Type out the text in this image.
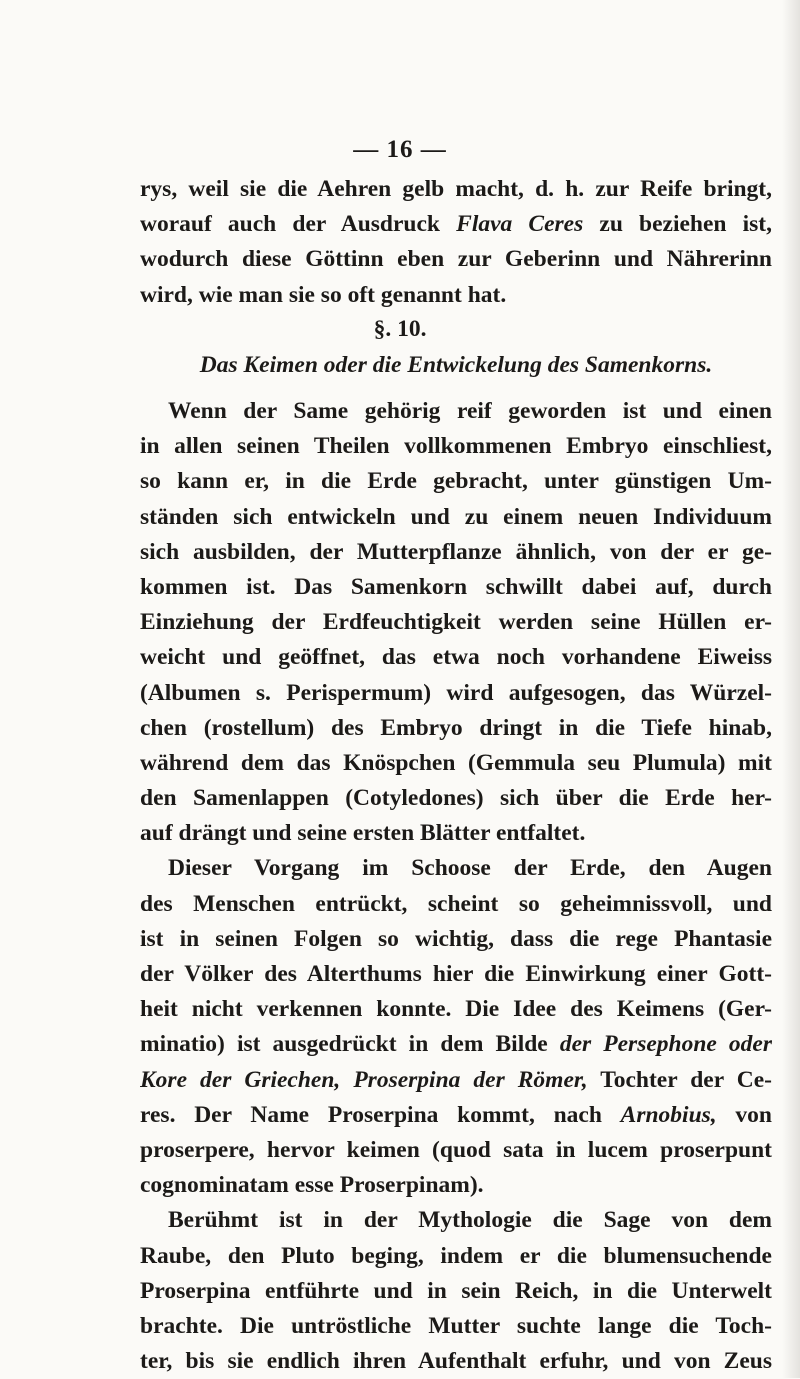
— 16 —
rys, weil sie die Aehren gelb macht, d. h. zur Reife bringt,
worauf auch der Ausdruck Flava Ceres zu beziehen ist,
wodurch diese Göttinn eben zur Geberinn und Nährerinn
wird, wie man sie so oft genannt hat.
§. 10.
Das Keimen oder die Entwickelung des Samenkorns.
Wenn der Same gehörig reif geworden ist und einen
in allen seinen Theilen vollkommenen Embryo einschliest,
so kann er, in die Erde gebracht, unter günstigen Um-
ständen sich entwickeln und zu einem neuen Individuum
sich ausbilden, der Mutterpflanze ähnlich, von der er ge-
kommen ist. Das Samenkorn schwillt dabei auf, durch
Einziehung der Erdfeuchtigkeit werden seine Hüllen er-
weicht und geöffnet, das etwa noch vorhandene Eiweiss
(Albumen s. Perispermum) wird aufgesogen, das Würzel-
chen (rostellum) des Embryo dringt in die Tiefe hinab,
während dem das Knöspchen (Gemmula seu Plumula) mit
den Samenlappen (Cotyledones) sich über die Erde her-
auf drängt und seine ersten Blätter entfaltet.
Dieser Vorgang im Schoose der Erde, den Augen
des Menschen entrückt, scheint so geheimnissvoll, und
ist in seinen Folgen so wichtig, dass die rege Phantasie
der Völker des Alterthums hier die Einwirkung einer Gott-
heit nicht verkennen konnte. Die Idee des Keimens (Ger-
minatio) ist ausgedrückt in dem Bilde der Persephone oder
Kore der Griechen, Proserpina der Römer, Tochter der Ce-
res. Der Name Proserpina kommt, nach Arnobius, von
proserpere, hervor keimen (quod sata in lucem proserpunt
cognominatam esse Proserpinam).
Berühmt ist in der Mythologie die Sage von dem
Raube, den Pluto beging, indem er die blumensuchende
Proserpina entführte und in sein Reich, in die Unterwelt
brachte. Die untröstliche Mutter suchte lange die Toch-
ter, bis sie endlich ihren Aufenthalt erfuhr, und von Zeus
